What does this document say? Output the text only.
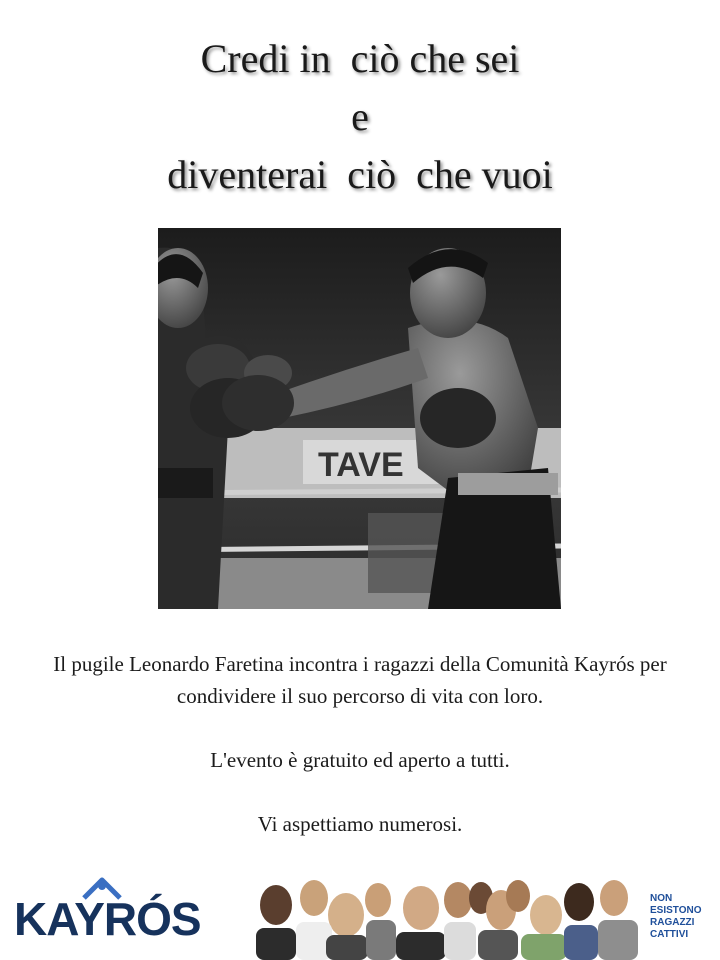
Credi in  ciò che sei
e
diventerai  ciò  che vuoi
TAVE

Il pugile Leonardo Faretina incontra i ragazzi della Comunità Kayrós per condividere il suo percorso di vita con loro.

L'evento è gratuito ed aperto a tutti.

Vi aspettiamo numerosi.

KAYRÓS	NON
ESISTONO
RAGAZZI
CATTIVI
